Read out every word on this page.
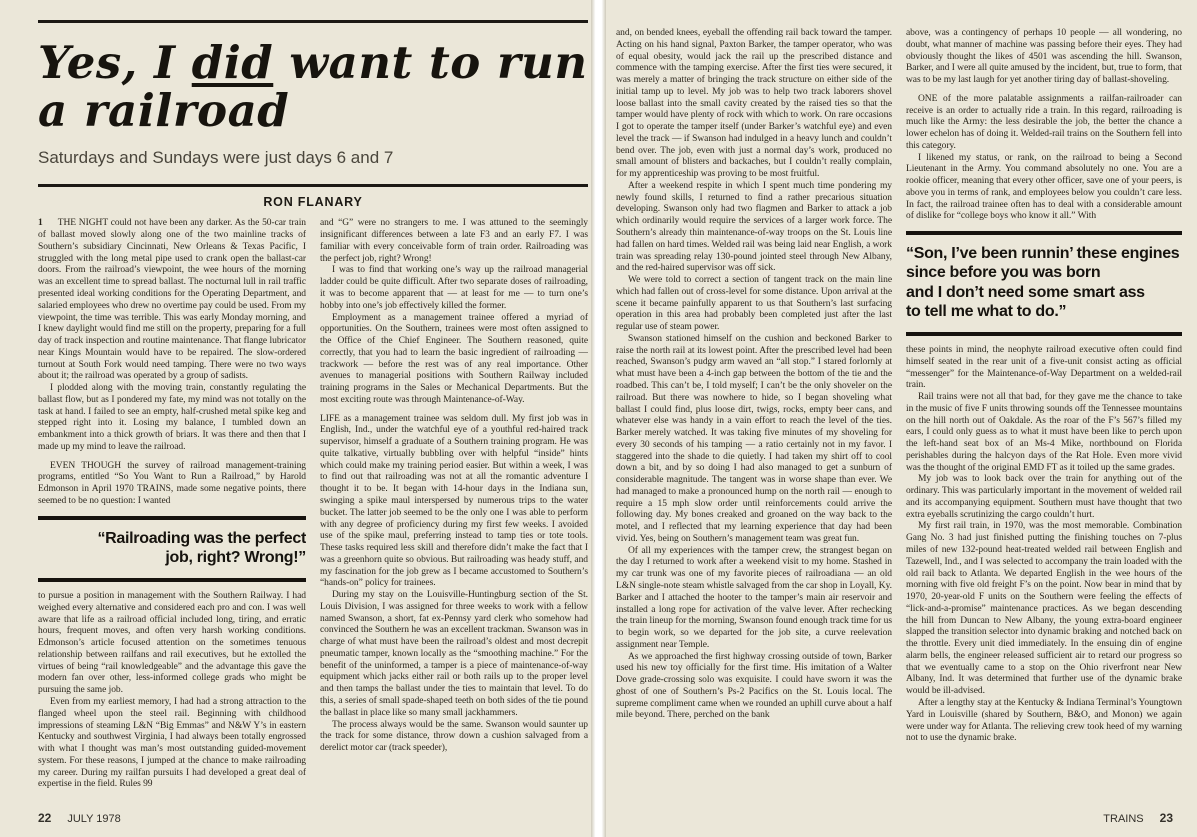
Yes, I did want to run
a railroad

Saturdays and Sundays were just days 6 and 7

RON FLANARY

1 THE NIGHT could not have been any darker. As the 50-car train of ballast moved slowly along one of the two mainline tracks of Southern’s subsidiary Cincinnati, New Orleans & Texas Pacific, I struggled with the long metal pipe used to crank open the ballast-car doors. From the railroad’s viewpoint, the wee hours of the morning was an excellent time to spread ballast. The nocturnal lull in rail traffic presented ideal working conditions for the Operating Department, and salaried employees who drew no overtime pay could be used. From my viewpoint, the time was terrible. This was early Monday morning, and I knew daylight would find me still on the property, preparing for a full day of track inspection and routine maintenance. That flange lubricator near Kings Mountain would have to be repaired. The slow-ordered turnout at South Fork would need tamping. There were no two ways about it; the railroad was operated by a group of sadists.

I plodded along with the moving train, constantly regulating the ballast flow, but as I pondered my fate, my mind was not totally on the task at hand. I failed to see an empty, half-crushed metal spike keg and stepped right into it. Losing my balance, I tumbled down an embankment into a thick growth of briars. It was there and then that I made up my mind to leave the railroad.

EVEN THOUGH the survey of railroad management-training programs, entitled “So You Want to Run a Railroad,” by Harold Edmonson in April 1970 TRAINS, made some negative points, there seemed to be no question: I wanted

“Railroading was the perfect
job, right? Wrong!”

to pursue a position in management with the Southern Railway. I had weighed every alternative and considered each pro and con. I was well aware that life as a railroad official included long, tiring, and erratic hours, frequent moves, and often very harsh working conditions. Edmonson’s article focused attention on the sometimes tenuous relationship between railfans and rail executives, but he extolled the virtues of being “rail knowledgeable” and the advantage this gave the modern fan over other, less-informed college grads who might be pursuing the same job.

Even from my earliest memory, I had had a strong attraction to the flanged wheel upon the steel rail. Beginning with childhood impressions of steaming L&N “Big Emmas” and N&W Y’s in eastern Kentucky and southwest Virginia, I had always been totally engrossed with what I thought was man’s most outstanding guided-movement system. For these reasons, I jumped at the chance to make railroading my career. During my railfan pursuits I had developed a great deal of expertise in the field. Rules 99

and “G” were no strangers to me. I was attuned to the seemingly insignificant differences between a late F3 and an early F7. I was familiar with every conceivable form of train order. Railroading was the perfect job, right? Wrong!

I was to find that working one’s way up the railroad managerial ladder could be quite difficult. After two separate doses of railroading, it was to become apparent that — at least for me — to turn one’s hobby into one’s job effectively killed the former.

Employment as a management trainee offered a myriad of opportunities. On the Southern, trainees were most often assigned to the Office of the Chief Engineer. The Southern reasoned, quite correctly, that you had to learn the basic ingredient of railroading — trackwork — before the rest was of any real importance. Other avenues to managerial positions with Southern Railway included training programs in the Sales or Mechanical Departments. But the most exciting route was through Maintenance-of-Way.

LIFE as a management trainee was seldom dull. My first job was in English, Ind., under the watchful eye of a youthful red-haired track supervisor, himself a graduate of a Southern training program. He was quite talkative, virtually bubbling over with helpful “inside” hints which could make my training period easier. But within a week, I was to find out that railroading was not at all the romantic adventure I thought it to be. It began with 14-hour days in the Indiana sun, swinging a spike maul interspersed by numerous trips to the water bucket. The latter job seemed to be the only one I was able to perform with any degree of proficiency during my first few weeks. I avoided use of the spike maul, preferring instead to tamp ties or tote tools. These tasks required less skill and therefore didn’t make the fact that I was a greenhorn quite so obvious. But railroading was heady stuff, and my fascination for the job grew as I became accustomed to Southern’s “hands-on” policy for trainees.

During my stay on the Louisville-Huntingburg section of the St. Louis Division, I was assigned for three weeks to work with a fellow named Swanson, a short, fat ex-Pennsy yard clerk who somehow had convinced the Southern he was an excellent trackman. Swanson was in charge of what must have been the railroad’s oldest and most decrepit pneumatic tamper, known locally as the “smoothing machine.” For the benefit of the uninformed, a tamper is a piece of maintenance-of-way equipment which jacks either rail or both rails up to the proper level and then tamps the ballast under the ties to maintain that level. To do this, a series of small spade-shaped teeth on both sides of the tie pound the ballast in place like so many small jackhammers.

The process always would be the same. Swanson would saunter up the track for some distance, throw down a cushion salvaged from a derelict motor car (track speeder),

22 JULY 1978

and, on bended knees, eyeball the offending rail back toward the tamper. Acting on his hand signal, Paxton Barker, the tamper operator, who was of equal obesity, would jack the rail up the prescribed distance and commence with the tamping exercise. After the first ties were secured, it was merely a matter of bringing the track structure on either side of the initial tamp up to level. My job was to help two track laborers shovel loose ballast into the small cavity created by the raised ties so that the tamper would have plenty of rock with which to work. On rare occasions I got to operate the tamper itself (under Barker’s watchful eye) and even level the track — if Swanson had indulged in a heavy lunch and couldn’t bend over. The job, even with just a normal day’s work, produced no small amount of blisters and backaches, but I couldn’t really complain, for my apprenticeship was proving to be most fruitful.

After a weekend respite in which I spent much time pondering my newly found skills, I returned to find a rather precarious situation developing. Swanson only had two flagmen and Barker to attack a job which ordinarily would require the services of a larger work force. The Southern’s already thin maintenance-of-way troops on the St. Louis line had fallen on hard times. Welded rail was being laid near English, a work train was spreading relay 130-pound jointed steel through New Albany, and the red-haired supervisor was off sick.

We were told to correct a section of tangent track on the main line which had fallen out of cross-level for some distance. Upon arrival at the scene it became painfully apparent to us that Southern’s last surfacing operation in this area had probably been completed just after the last regular use of steam power.

Swanson stationed himself on the cushion and beckoned Barker to raise the north rail at its lowest point. After the prescribed level had been reached, Swanson’s pudgy arm waved an “all stop.” I stared forlornly at what must have been a 4-inch gap between the bottom of the tie and the roadbed. This can’t be, I told myself; I can’t be the only shoveler on the railroad. But there was nowhere to hide, so I began shoveling what ballast I could find, plus loose dirt, twigs, rocks, empty beer cans, and whatever else was handy in a vain effort to reach the level of the ties. Barker merely watched. It was taking five minutes of my shoveling for every 30 seconds of his tamping — a ratio certainly not in my favor. I staggered into the shade to die quietly. I had taken my shirt off to cool down a bit, and by so doing I had also managed to get a sunburn of considerable magnitude. The tangent was in worse shape than ever. We had managed to make a pronounced hump on the north rail — enough to require a 15 mph slow order until reinforcements could arrive the following day. My bones creaked and groaned on the way back to the motel, and I reflected that my learning experience that day had been vivid. Yes, being on Southern’s management team was great fun.

Of all my experiences with the tamper crew, the strangest began on the day I returned to work after a weekend visit to my home. Stashed in my car trunk was one of my favorite pieces of railroadiana — an old L&N single-note steam whistle salvaged from the car shop in Loyall, Ky. Barker and I attached the hooter to the tamper’s main air reservoir and installed a long rope for activation of the valve lever. After rechecking the train lineup for the morning, Swanson found enough track time for us to begin work, so we departed for the job site, a curve reelevation assignment near Temple.

As we approached the first highway crossing outside of town, Barker used his new toy officially for the first time. His imitation of a Walter Dove grade-crossing solo was exquisite. I could have sworn it was the ghost of one of Southern’s Ps-2 Pacifics on the St. Louis local. The supreme compliment came when we rounded an uphill curve about a half mile beyond. There, perched on the bank

above, was a contingency of perhaps 10 people — all wondering, no doubt, what manner of machine was passing before their eyes. They had obviously thought the likes of 4501 was ascending the hill. Swanson, Barker, and I were all quite amused by the incident, but, true to form, that was to be my last laugh for yet another tiring day of ballast-shoveling.

ONE of the more palatable assignments a railfan-railroader can receive is an order to actually ride a train. In this regard, railroading is much like the Army: the less desirable the job, the better the chance a lower echelon has of doing it. Welded-rail trains on the Southern fell into this category.

I likened my status, or rank, on the railroad to being a Second Lieutenant in the Army. You command absolutely no one. You are a rookie officer, meaning that every other officer, save one of your peers, is above you in terms of rank, and employees below you couldn’t care less. In fact, the railroad trainee often has to deal with a considerable amount of dislike for “college boys who know it all.” With

“Son, I’ve been runnin’ these engines
since before you was born
and I don’t need some smart ass
to tell me what to do.”

these points in mind, the neophyte railroad executive often could find himself seated in the rear unit of a five-unit consist acting as official “messenger” for the Maintenance-of-Way Department on a welded-rail train.

Rail trains were not all that bad, for they gave me the chance to take in the music of five F units throwing sounds off the Tennessee mountains on the hill north out of Oakdale. As the roar of the F’s 567’s filled my ears, I could only guess as to what it must have been like to perch upon the left-hand seat box of an Ms-4 Mike, northbound on Florida perishables during the halcyon days of the Rat Hole. Even more vivid was the thought of the original EMD FT as it toiled up the same grades.

My job was to look back over the train for anything out of the ordinary. This was particularly important in the movement of welded rail and its accompanying equipment. Southern must have thought that two extra eyeballs scrutinizing the cargo couldn’t hurt.

My first rail train, in 1970, was the most memorable. Combination Gang No. 3 had just finished putting the finishing touches on 7-plus miles of new 132-pound heat-treated welded rail between English and Tazewell, Ind., and I was selected to accompany the train loaded with the old rail back to Atlanta. We departed English in the wee hours of the morning with five old freight F’s on the point. Now bear in mind that by 1970, 20-year-old F units on the Southern were feeling the effects of “lick-and-a-promise” maintenance practices. As we began descending the hill from Duncan to New Albany, the young extra-board engineer slapped the transition selector into dynamic braking and notched back on the throttle. Every unit died immediately. In the ensuing din of engine alarm bells, the engineer released sufficient air to retard our progress so that we eventually came to a stop on the Ohio riverfront near New Albany, Ind. It was determined that further use of the dynamic brake would be ill-advised.

After a lengthy stay at the Kentucky & Indiana Terminal’s Youngtown Yard in Louisville (shared by Southern, B&O, and Monon) we again were under way for Atlanta. The relieving crew took heed of my warning not to use the dynamic brake.

TRAINS 23
